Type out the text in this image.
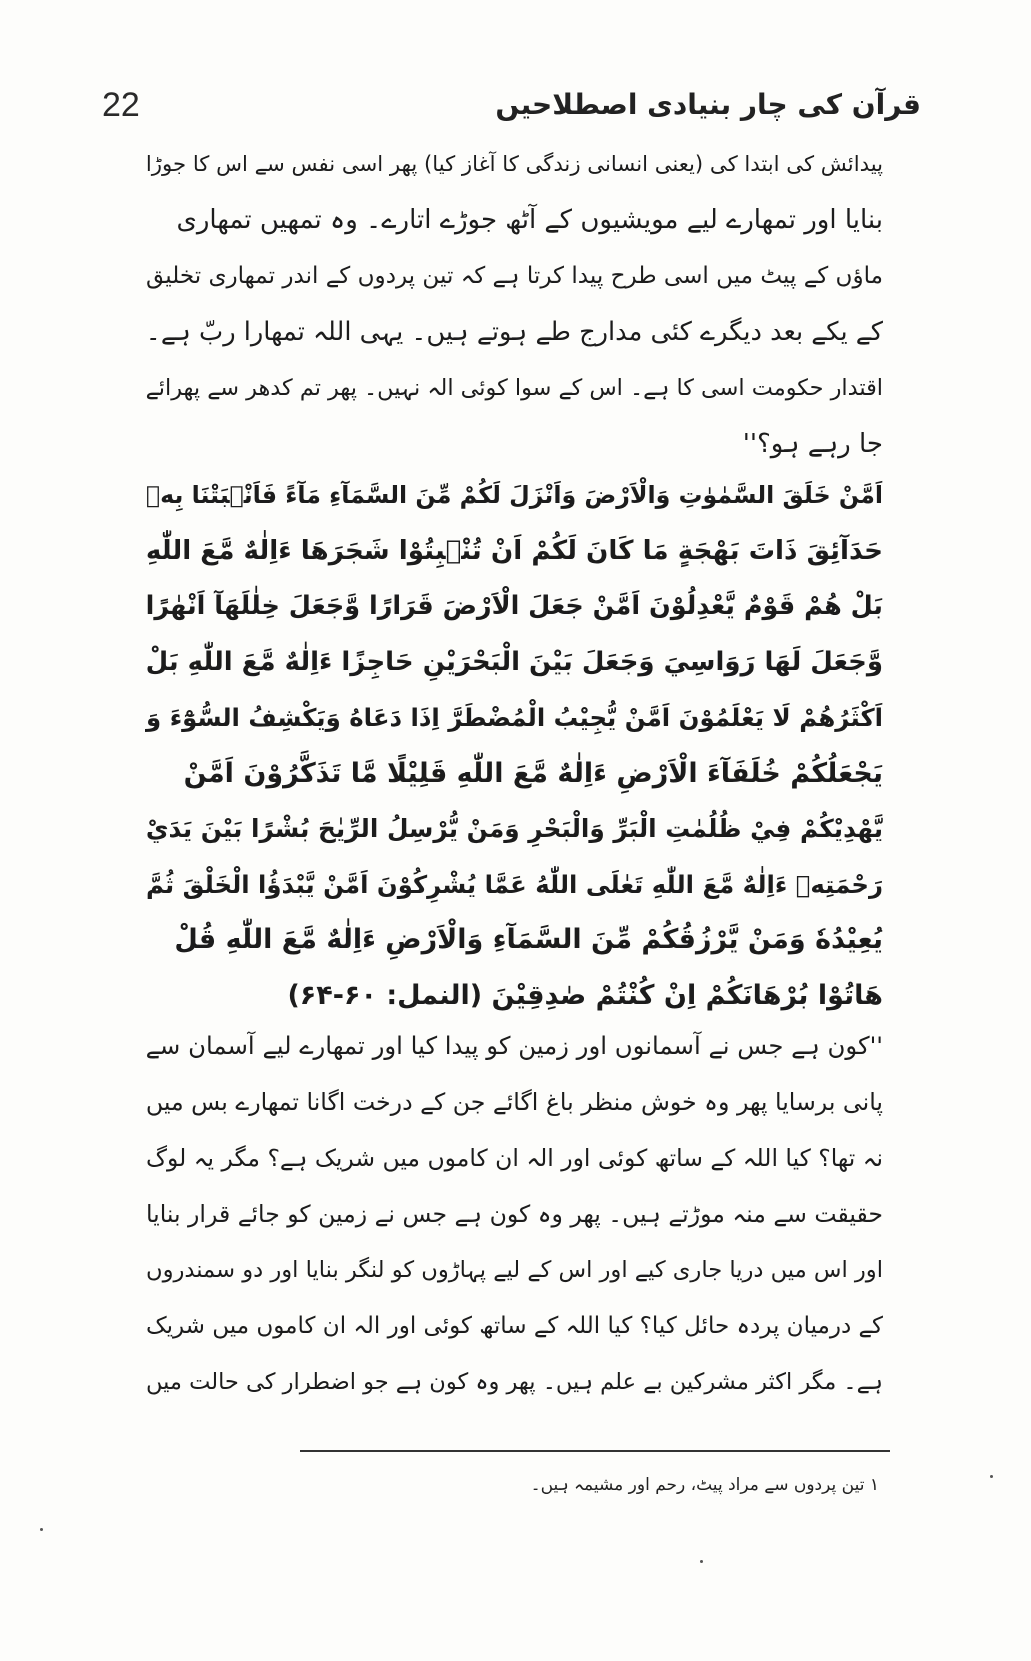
22	قرآن کی چار بنیادی اصطلاحیں
پیدائش کی ابتدا کی (یعنی انسانی زندگی کا آغاز کیا) پھر اسی نفس سے اس کا جوڑا
بنایا اور تمھارے لیے مویشیوں کے آٹھ جوڑے اتارے۔ وہ تمھیں تمھاری
ماؤں کے پیٹ میں اسی طرح پیدا کرتا ہے کہ تین پردوں کے اندر تمھاری تخلیق
کے یکے بعد دیگرے کئی مدارج طے ہوتے ہیں۔ یہی اللہ تمھارا ربّ ہے۔
اقتدار حکومت اسی کا ہے۔ اس کے سوا کوئی الہ نہیں۔ پھر تم کدھر سے پھرائے
جا رہے ہو؟''
اَمَّنْ خَلَقَ السَّمٰوٰتِ وَالْاَرْضَ وَاَنْزَلَ لَكُمْ مِّنَ السَّمَآءِ مَآءً فَاَنْۢبَتْنَا بِهٖ
حَدَآئِقَ ذَاتَ بَهْجَةٍ مَا كَانَ لَكُمْ اَنْ تُنْۢبِتُوْا شَجَرَهَا ءَاِلٰهٌ مَّعَ اللّٰهِ
بَلْ هُمْ قَوْمٌ يَّعْدِلُوْنَ اَمَّنْ جَعَلَ الْاَرْضَ قَرَارًا وَّجَعَلَ خِلٰلَهَآ اَنْهٰرًا
وَّجَعَلَ لَهَا رَوَاسِيَ وَجَعَلَ بَيْنَ الْبَحْرَيْنِ حَاجِزًا ءَاِلٰهٌ مَّعَ اللّٰهِ بَلْ
اَكْثَرُهُمْ لَا يَعْلَمُوْنَ اَمَّنْ يُّجِيْبُ الْمُضْطَرَّ اِذَا دَعَاهُ وَيَكْشِفُ السُّوْٓءَ وَ
يَجْعَلُكُمْ خُلَفَآءَ الْاَرْضِ ءَاِلٰهٌ مَّعَ اللّٰهِ قَلِيْلًا مَّا تَذَكَّرُوْنَ اَمَّنْ
يَّهْدِيْكُمْ فِيْ ظُلُمٰتِ الْبَرِّ وَالْبَحْرِ وَمَنْ يُّرْسِلُ الرِّيٰحَ بُشْرًا بَيْنَ يَدَيْ
رَحْمَتِهٖ ءَاِلٰهٌ مَّعَ اللّٰهِ تَعٰلَى اللّٰهُ عَمَّا يُشْرِكُوْنَ اَمَّنْ يَّبْدَؤُا الْخَلْقَ ثُمَّ
يُعِيْدُهٗ وَمَنْ يَّرْزُقُكُمْ مِّنَ السَّمَآءِ وَالْاَرْضِ ءَاِلٰهٌ مَّعَ اللّٰهِ قُلْ
هَاتُوْا بُرْهَانَكُمْ اِنْ كُنْتُمْ صٰدِقِيْنَ (النمل: ۶۰-۶۴)
''کون ہے جس نے آسمانوں اور زمین کو پیدا کیا اور تمھارے لیے آسمان سے
پانی برسایا پھر وہ خوش منظر باغ اگائے جن کے درخت اگانا تمھارے بس میں
نہ تھا؟ کیا اللہ کے ساتھ کوئی اور الہ ان کاموں میں شریک ہے؟ مگر یہ لوگ
حقیقت سے منہ موڑتے ہیں۔ پھر وہ کون ہے جس نے زمین کو جائے قرار بنایا
اور اس میں دریا جاری کیے اور اس کے لیے پہاڑوں کو لنگر بنایا اور دو سمندروں
کے درمیان پردہ حائل کیا؟ کیا اللہ کے ساتھ کوئی اور الہ ان کاموں میں شریک
ہے۔ مگر اکثر مشرکین بے علم ہیں۔ پھر وہ کون ہے جو اضطرار کی حالت میں
۱ تین پردوں سے مراد پیٹ، رحم اور مشیمہ ہیں۔
